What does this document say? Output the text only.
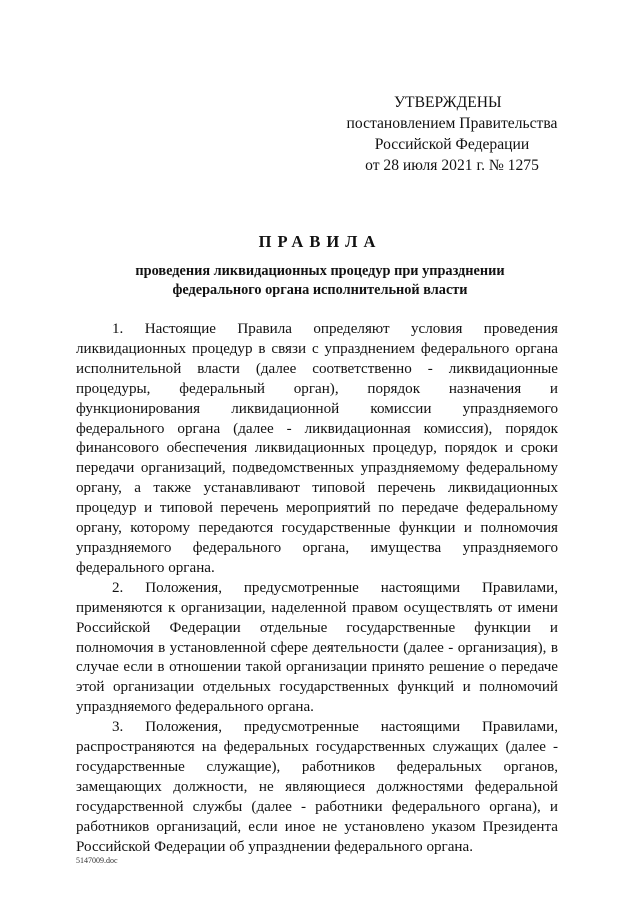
УТВЕРЖДЕНЫ
постановлением Правительства
Российской Федерации
от 28 июля 2021 г. № 1275
ПРАВИЛА
проведения ликвидационных процедур при упразднении
федерального органа исполнительной власти

1. Настоящие Правила определяют условия проведения ликвидационных процедур в связи с упразднением федерального органа исполнительной власти (далее соответственно - ликвидационные процедуры, федеральный орган), порядок назначения и функционирования ликвидационной комиссии упраздняемого федерального органа (далее - ликвидационная комиссия), порядок финансового обеспечения ликвидационных процедур, порядок и сроки передачи организаций, подведомственных упраздняемому федеральному органу, а также устанавливают типовой перечень ликвидационных процедур и типовой перечень мероприятий по передаче федеральному органу, которому передаются государственные функции и полномочия упраздняемого федерального органа, имущества упраздняемого федерального органа.

2. Положения, предусмотренные настоящими Правилами, применяются к организации, наделенной правом осуществлять от имени Российской Федерации отдельные государственные функции и полномочия в установленной сфере деятельности (далее - организация), в случае если в отношении такой организации принято решение о передаче этой организации отдельных государственных функций и полномочий упраздняемого федерального органа.

3. Положения, предусмотренные настоящими Правилами, распространяются на федеральных государственных служащих (далее - государственные служащие), работников федеральных органов, замещающих должности, не являющиеся должностями федеральной государственной службы (далее - работники федерального органа), и работников организаций, если иное не установлено указом Президента Российской Федерации об упразднении федерального органа.

5147009.doc
